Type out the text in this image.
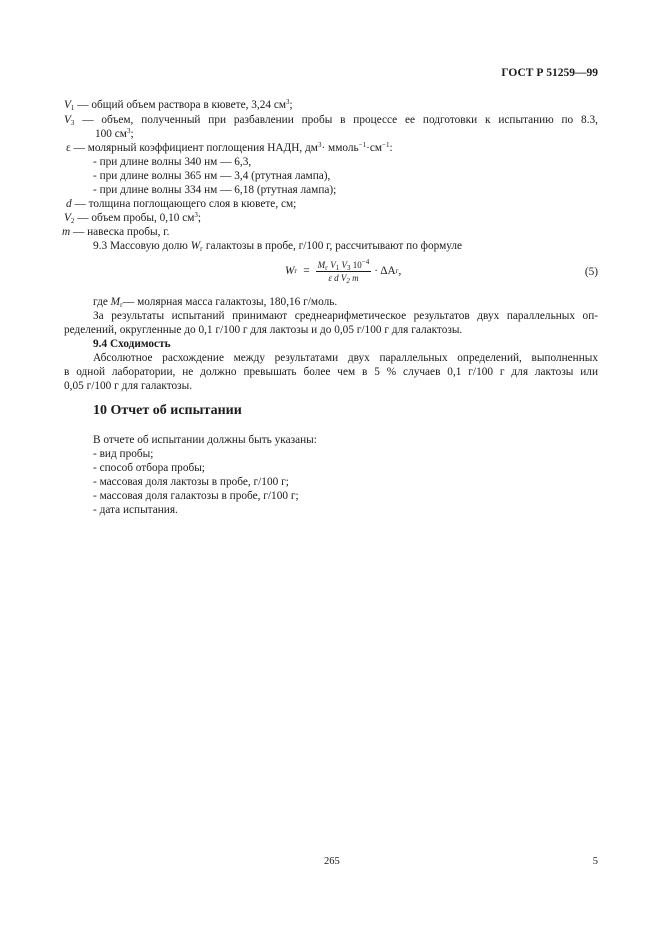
ГОСТ Р 51259—99
$V_1$ — общий объем раствора в кювете, 3,24 $см^3$;
$V_3$ — объем, полученный при разбавлении пробы в процессе ее подготовки к испытанию по 8.3,
100 $см^3$;
ε — молярный коэффициент поглощения НАДН, $дм^3\cdot$ $ммоль^{-1}\cdot см^{-1}$:
- при длине волны 340 нм — 6,3,
- при длине волны 365 нм — 3,4 (ртутная лампа),
- при длине волны 334 нм — 6,18 (ртутная лампа);
d — толщина поглощающего слоя в кювете, см;
$V_2$ — объем пробы, 0,10 $см^3$;
m — навеска пробы, г.
9.3 Массовую долю $W_г$ галактозы в пробе, г/100 г, рассчитывают по формуле
W $г = \frac{M_г V_1 V_3 10^{-4}}{\varepsilon d V_2 m} \cdot \Delta A$ г ,	(5)
где $M_г—$ молярная масса галактозы, 180,16 г/моль.
За результаты испытаний принимают среднеарифметическое результатов двух параллельных оп-
ределений, округленные до 0,1 г/100 г для лактозы и до 0,05 г/100 г для галактозы.
9.4 Сходимость
Абсолютное расхождение между результатами двух параллельных определений, выполненных
в одной лаборатории, не должно превышать более чем в 5 % случаев 0,1 г/100 г для лактозы или
0,05 г/100 г для галактозы.
10 Отчет об испытании
В отчете об испытании должны быть указаны:
- вид пробы;
- способ отбора пробы;
- массовая доля лактозы в пробе, г/100 г;
- массовая доля галактозы в пробе, г/100 г;
- дата испытания.
265	5
